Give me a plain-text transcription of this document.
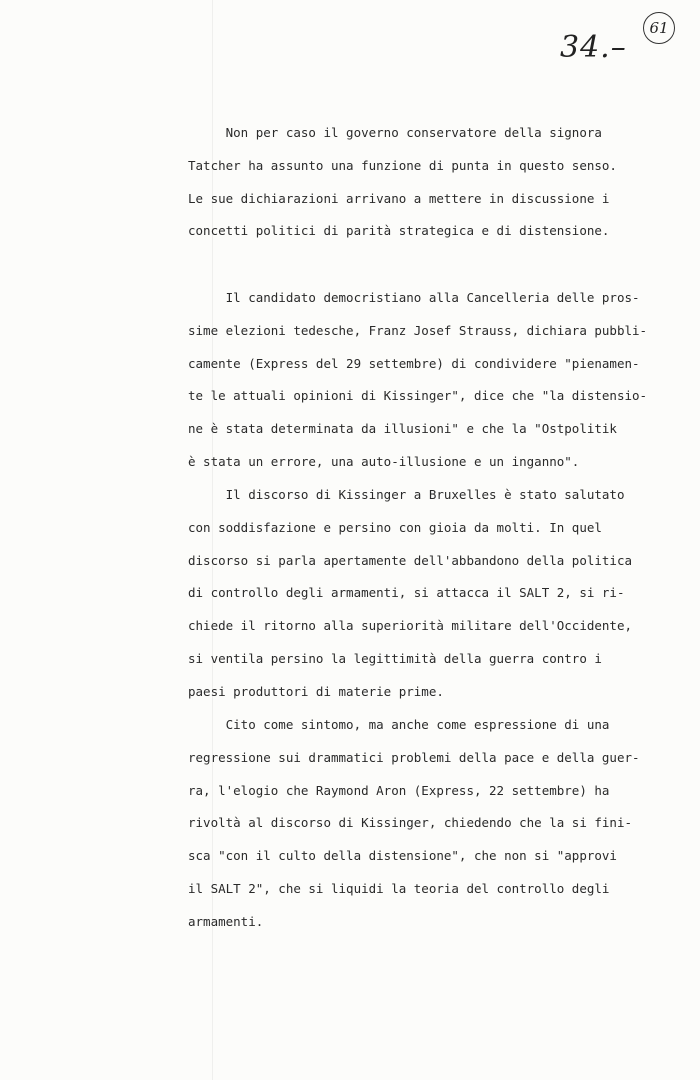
34.–
61
Non per caso il governo conservatore della signora
Tatcher ha assunto una funzione di punta in questo senso.
Le sue dichiarazioni arrivano a mettere in discussione i
concetti politici di parità strategica e di distensione.
Il candidato democristiano alla Cancelleria delle pros-
sime elezioni tedesche, Franz Josef Strauss, dichiara pubbli-
camente (Express del 29 settembre) di condividere "pienamen-
te le attuali opinioni di Kissinger", dice che "la distensio-
ne è stata determinata da illusioni" e che la "Ostpolitik
è stata un errore, una auto-illusione e un inganno".
Il discorso di Kissinger a Bruxelles è stato salutato
con soddisfazione e persino con gioia da molti. In quel
discorso si parla apertamente dell'abbandono della politica
di controllo degli armamenti, si attacca il SALT 2, si ri-
chiede il ritorno alla superiorità militare dell'Occidente,
si ventila persino la legittimità della guerra contro i
paesi produttori di materie prime.
Cito come sintomo, ma anche come espressione di una
regressione sui drammatici problemi della pace e della guer-
ra, l'elogio che Raymond Aron (Express, 22 settembre) ha
rivoltà al discorso di Kissinger, chiedendo che la si fini-
sca "con il culto della distensione", che non si "approvi
il SALT 2", che si liquidi la teoria del controllo degli
armamenti.
